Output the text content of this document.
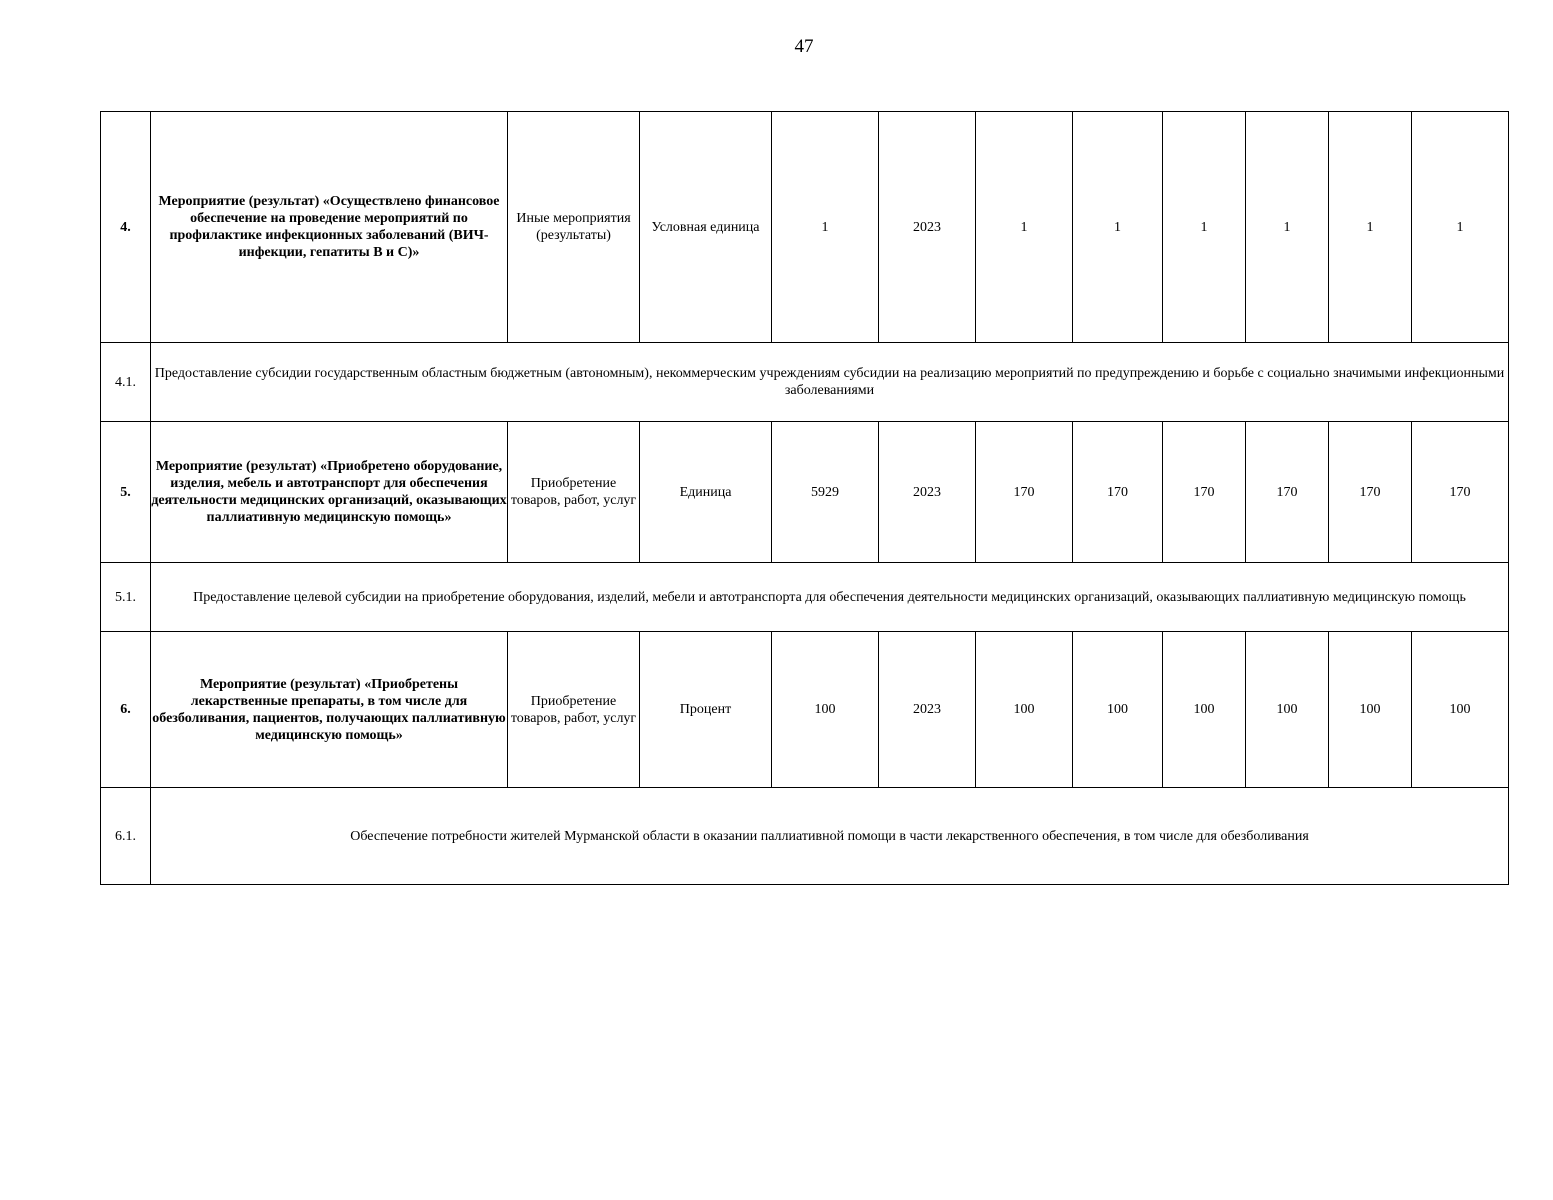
47
4.	Мероприятие (результат) «Осуществлено финансовое обеспечение на проведение мероприятий по профилактике инфекционных заболеваний (ВИЧ-инфекции, гепатиты В и С)»	Иные мероприятия (результаты)	Условная единица	1	2023	1	1	1	1	1	1
4.1.	Предоставление субсидии государственным областным бюджетным (автономным), некоммерческим учреждениям субсидии на реализацию мероприятий по предупреждению и борьбе с социально значимыми инфекционными заболеваниями										
5.	Мероприятие (результат) «Приобретено оборудование, изделия, мебель и автотранспорт для обеспечения деятельности медицинских организаций, оказывающих паллиативную медицинскую помощь»	Приобретение товаров, работ, услуг	Единица	5929	2023	170	170	170	170	170	170
5.1.	Предоставление целевой субсидии на приобретение оборудования, изделий, мебели и автотранспорта для обеспечения деятельности медицинских организаций, оказывающих паллиативную медицинскую помощь										
6.	Мероприятие (результат) «Приобретены лекарственные препараты, в том числе для обезболивания, пациентов, получающих паллиативную медицинскую помощь»	Приобретение товаров, работ, услуг	Процент	100	2023	100	100	100	100	100	100
6.1.	Обеспечение потребности жителей Мурманской области в оказании паллиативной помощи в части лекарственного обеспечения, в том числе для обезболивания										
